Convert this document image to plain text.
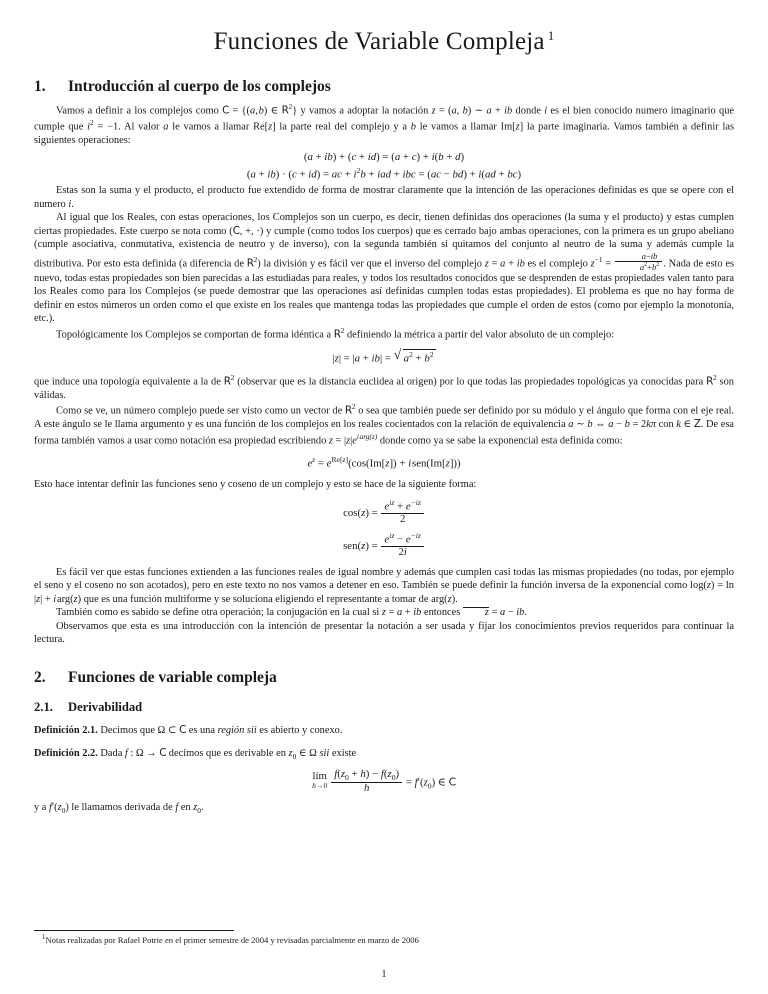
Funciones de Variable Compleja $^1$
1. Introducción al cuerpo de los complejos

Vamos a definir a los complejos como C = {(a, b) ∈ $R^2$} y vamos a adoptar la notación z = (a, b) ∼ a + ib donde i es el bien conocido numero imaginario que cumple que $i^2 = -1$. Al valor a le vamos a llamar Re[z] la parte real del complejo y a b le vamos a llamar Im[z] la parte imaginaria. Vamos también a definir las siguientes operaciones:

(a + ib) + (c + id) = (a + c) + i(b + d)
(a + ib) · (c + id) = ac + $i^2b$ + iad + ibc = (ac − bd) + i(ad + bc)

Estas son la suma y el producto, el producto fue extendido de forma de mostrar claramente que la intención de las operaciones definidas es que se opere con el numero i.

Al igual que los Reales, con estas operaciones, los Complejos son un cuerpo, es decir, tienen definidas dos operaciones (la suma y el producto) y estas cumplen ciertas propiedades. Este cuerpo se nota como (C, +, ·) y cumple (como todos los cuerpos) que es cerrado bajo ambas operaciones, con la primera es un grupo abeliano (cumple asociativa, conmutativa, existencia de neutro y de inverso), con la segunda también si quitamos del conjunto al neutro de la suma y además cumple la distributiva. Por esto esta definida (a diferencia de $R^2$) la división y es fácil ver que el inverso del complejo z = a + ib es el complejo $z^{-1} = \frac{a-ib}{a^2+b^2}$ . Nada de esto es nuevo, todas estas propiedades son bien parecidas a las estudiadas para reales, y todos los resultados conocidos que se desprenden de estas propiedades valen tanto para los Reales como para los Complejos (se puede demostrar que las operaciones así definidas cumplen todas estas propiedades). El problema es que no hay forma de definir en estos números un orden como el que existe en los reales que mantenga todas las propiedades que cumple el orden de estos (como por ejemplo la monotonía, etc.).

Topológicamente los Complejos se comportan de forma idéntica a $R^2$ definiendo la métrica a partir del valor absoluto de un complejo:

|z| = |a + ib| = √ $a^2 + b^2$

que induce una topología equivalente a la de $R^2$ (observar que es la distancia euclidea al origen) por lo que todas las propiedades topológicas ya conocidas para $R^2$ son válidas.

Como se ve, un número complejo puede ser visto como un vector de $R^2$ o sea que también puede ser definido por su módulo y el ángulo que forma con el eje real. A este ángulo se le llama argumento y es una función de los complejos en los reales cocientados con la relación de equivalencia a ∼ b ⇔ a − b = 2kπ con k ∈ Z. De esa forma también vamos a usar como notación esa propiedad escribiendo $z = |z|e^{i arg(z)}$ donde como ya se sabe la exponencial esta definida como:

$e^z = e^{Re[z]}(\cos(Im[z]) + i$ sen(Im[z]))

Esto hace intentar definir las funciones seno y coseno de un complejo y esto se hace de la siguiente forma:

$\cos(z) = \frac{e^{iz} + e^{-iz}}{2}$
$sen(z) = \frac{e^{iz} - e^{-iz}}{2i}$

Es fácil ver que estas funciones extienden a las funciones reales de igual nombre y además que cumplen casi todas las mismas propiedades (no todas, por ejemplo el seno y el coseno no son acotados), pero en este texto no nos vamos a detener en eso. También se puede definir la función inversa de la exponencial como log(z) = ln |z| + i arg(z) que es una función multiforme y se soluciona eligiendo el representante a tomar de arg(z).

También como es sabido se define otra operación; la conjugación en la cual si z = a + ib entonces z = a − ib.

Observamos que esta es una introducción con la intención de presentar la notación a ser usada y fijar los conocimientos previos requeridos para continuar la lectura.

2. Funciones de variable compleja
2.1. Derivabilidad

Definición 2.1. Decimos que Ω ⊂ C es una región sii es abierto y conexo.

Definición 2.2. Dada f : Ω → C decimos que es derivable en $z_0$ ∈ Ω sii existe

lím
$h\to 0 \frac{f(z_0 + h) - f(z_0)}{h} = f'(z_0)$ ∈ C

y a $f'(z_0)$ le llamamos derivada de f en $z_0$.

$^1$Notas realizadas por Rafael Potrie en el primer semestre de 2004 y revisadas parcialmente en marzo de 2006

1
